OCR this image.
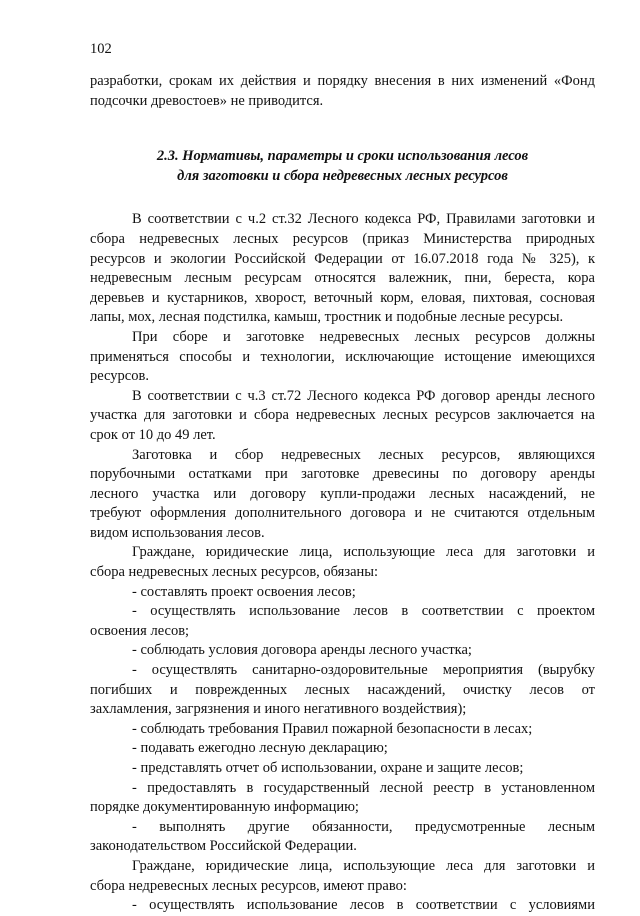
102

разработки, срокам их действия и порядку внесения в них изменений «Фонд
подсочки древостоев» не приводится.

2.3. Нормативы, параметры и сроки использования лесов
для заготовки и сбора недревесных лесных ресурсов

В соответствии с ч.2 ст.32 Лесного кодекса РФ, Правилами заготовки и
сбора недревесных лесных ресурсов (приказ Министерства природных
ресурсов и экологии Российской Федерации от 16.07.2018 года № 325), к
недревесным лесным ресурсам относятся валежник, пни, береста, кора
деревьев и кустарников, хворост, веточный корм, еловая, пихтовая, сосновая
лапы, мох, лесная подстилка, камыш, тростник и подобные лесные ресурсы.

При сборе и заготовке недревесных лесных ресурсов должны
применяться способы и технологии, исключающие истощение имеющихся
ресурсов.

В соответствии с ч.3 ст.72 Лесного кодекса РФ договор аренды лесного
участка для заготовки и сбора недревесных лесных ресурсов заключается на
срок от 10 до 49 лет.

Заготовка и сбор недревесных лесных ресурсов, являющихся
порубочными остатками при заготовке древесины по договору аренды
лесного участка или договору купли-продажи лесных насаждений, не
требуют оформления дополнительного договора и не считаются отдельным
видом использования лесов.

Граждане, юридические лица, использующие леса для заготовки и
сбора недревесных лесных ресурсов, обязаны:

- составлять проект освоения лесов;

- осуществлять использование лесов в соответствии с проектом
освоения лесов;

- соблюдать условия договора аренды лесного участка;

- осуществлять санитарно-оздоровительные мероприятия (вырубку
погибших и поврежденных лесных насаждений, очистку лесов от
захламления, загрязнения и иного негативного воздействия);

- соблюдать требования Правил пожарной безопасности в лесах;

- подавать ежегодно лесную декларацию;

- представлять отчет об использовании, охране и защите лесов;

- предоставлять в государственный лесной реестр в установленном
порядке документированную информацию;

- выполнять другие обязанности, предусмотренные лесным
законодательством Российской Федерации.

Граждане, юридические лица, использующие леса для заготовки и
сбора недревесных лесных ресурсов, имеют право:

- осуществлять использование лесов в соответствии с условиями
